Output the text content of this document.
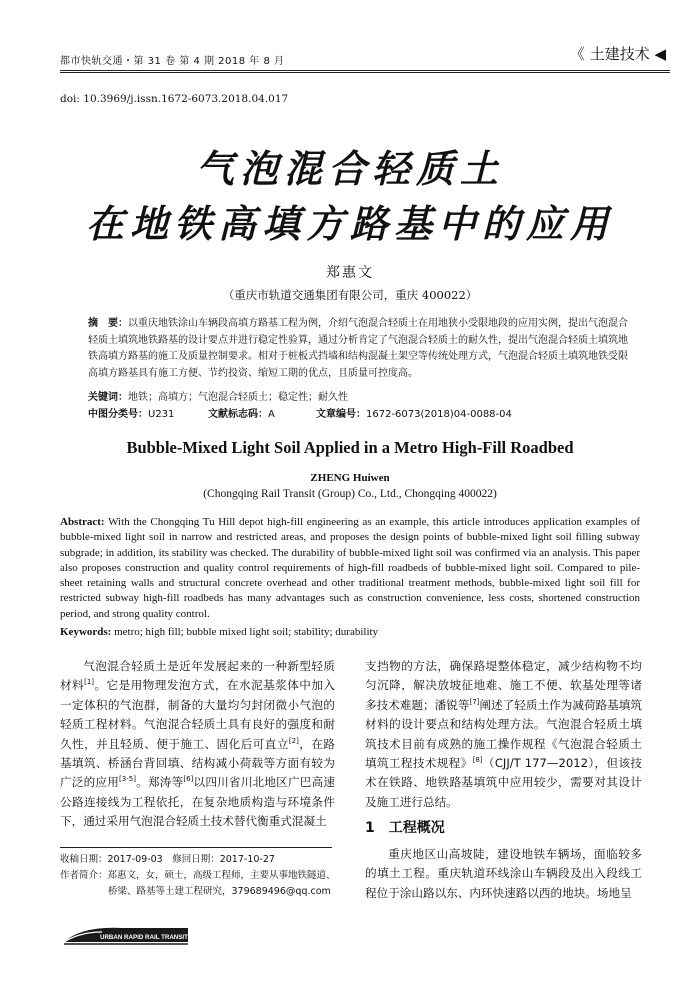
都市快轨交通・第 31 卷 第 4 期 2018 年 8 月	《 土建技术 ◀
doi: 10.3969/j.issn.1672-6073.2018.04.017
气泡混合轻质土
在地铁高填方路基中的应用
郑惠文
（重庆市轨道交通集团有限公司，重庆 400022）
摘　要：以重庆地铁涂山车辆段高填方路基工程为例，介绍气泡混合轻质土在用地狭小受限地段的应用实例，提出气泡混合轻质土填筑地铁路基的设计要点并进行稳定性验算，通过分析肯定了气泡混合轻质土的耐久性，提出气泡混合轻质土填筑地铁高填方路基的施工及质量控制要求。相对于桩板式挡墙和结构混凝土架空等传统处理方式，气泡混合轻质土填筑地铁受限高填方路基具有施工方便、节约投资、缩短工期的优点，且质量可控度高。
关键词：地铁；高填方；气泡混合轻质土；稳定性；耐久性
中图分类号：U231	文献标志码：A	文章编号：1672-6073(2018)04-0088-04
Bubble-Mixed Light Soil Applied in a Metro High-Fill Roadbed
ZHENG Huiwen
(Chongqing Rail Transit (Group) Co., Ltd., Chongqing 400022)
Abstract: With the Chongqing Tu Hill depot high-fill engineering as an example, this article introduces application examples of bubble-mixed light soil in narrow and restricted areas, and proposes the design points of bubble-mixed light soil filling subway subgrade; in addition, its stability was checked. The durability of bubble-mixed light soil was confirmed via an analysis. This paper also proposes construction and quality control requirements of high-fill roadbeds of bubble-mixed light soil. Compared to pile-sheet retaining walls and structural concrete overhead and other traditional treatment methods, bubble-mixed light soil fill for restricted subway high-fill roadbeds has many advantages such as construction convenience, less costs, shortened construction period, and strong quality control.
Keywords: metro; high fill; bubble mixed light soil; stability; durability

气泡混合轻质土是近年发展起来的一种新型轻质材料[1]。它是用物理发泡方式，在水泥基浆体中加入一定体积的气泡群，制备的大量均匀封闭微小气泡的轻质工程材料。气泡混合轻质土具有良好的强度和耐久性，并且轻质、便于施工、固化后可直立[2]，在路基填筑、桥涵台背回填、结构减小荷载等方面有较为广泛的应用[3-5]。郑涛等[6]以四川省川北地区广巴高速公路连接线为工程依托，在复杂地质构造与环境条件下，通过采用气泡混合轻质土技术替代衡重式混凝土

支挡物的方法，确保路堤整体稳定，减少结构物不均匀沉降，解决放坡征地难、施工不便、软基处理等诸多技术难题；潘锐等[7]阐述了轻质土作为减荷路基填筑材料的设计要点和结构处理方法。气泡混合轻质土填筑技术目前有成熟的施工操作规程《气泡混合轻质土填筑工程技术规程》[8]（CJJ/T 177—2012），但该技术在铁路、地铁路基填筑中应用较少，需要对其设计及施工进行总结。

1　工程概况

重庆地区山高坡陡，建设地铁车辆场，面临较多的填土工程。重庆轨道环线涂山车辆段及出入段线工程位于涂山路以东、内环快速路以西的地块。场地呈

收稿日期：2017-09-03　修回日期：2017-10-27
作者简介：郑惠文，女，硕士，高级工程师，主要从事地铁隧道、
桥梁、路基等土建工程研究，379689496@qq.com
URBAN RAPID RAIL TRANSIT
